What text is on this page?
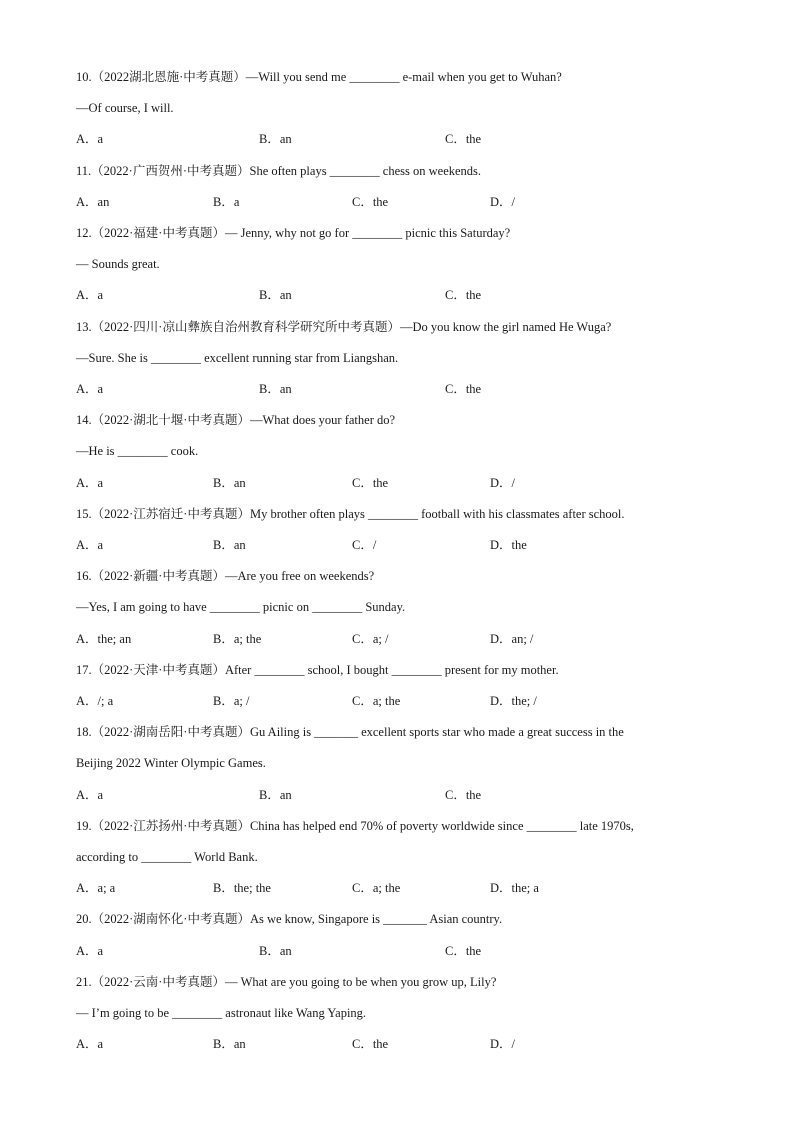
10.（2022湖北恩施·中考真题）—Will you send me ________ e-mail when you get to Wuhan?
—Of course, I will.
A．a	B．an	C．the
11.（2022·广西贺州·中考真题）She often plays ________ chess on weekends.
A．an	B．a	C．the	D．/
12.（2022·福建·中考真题）— Jenny, why not go for ________ picnic this Saturday?
— Sounds great.
A．a	B．an	C．the
13.（2022·四川·凉山彝族自治州教育科学研究所中考真题）—Do you know the girl named He Wuga?
—Sure. She is ________ excellent running star from Liangshan.
A．a	B．an	C．the
14.（2022·湖北十堰·中考真题）—What does your father do?
—He is ________ cook.
A．a	B．an	C．the	D．/
15.（2022·江苏宿迁·中考真题）My brother often plays ________ football with his classmates after school.
A．a	B．an	C．/	D．the
16.（2022·新疆·中考真题）—Are you free on weekends?
—Yes, I am going to have ________ picnic on ________ Sunday.
A．the; an	B．a; the	C．a; /	D．an; /
17.（2022·天津·中考真题）After ________ school, I bought ________ present for my mother.
A．/; a	B．a; /	C．a; the	D．the; /
18.（2022·湖南岳阳·中考真题）Gu Ailing is _______ excellent sports star who made a great success in the
Beijing 2022 Winter Olympic Games.
A．a	B．an	C．the
19.（2022·江苏扬州·中考真题）China has helped end 70% of poverty worldwide since ________ late 1970s,
according to ________ World Bank.
A．a; a	B．the; the	C．a; the	D．the; a
20.（2022·湖南怀化·中考真题）As we know, Singapore is _______ Asian country.
A．a	B．an	C．the
21.（2022·云南·中考真题）— What are you going to be when you grow up, Lily?
— I’m going to be ________ astronaut like Wang Yaping.
A．a	B．an	C．the	D．/
